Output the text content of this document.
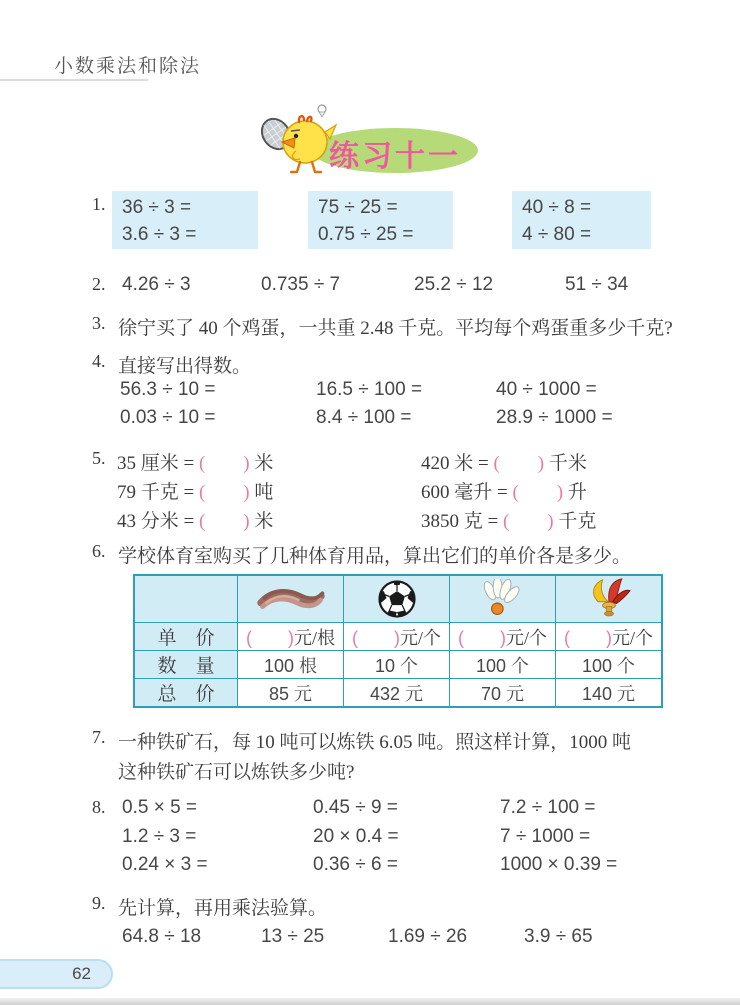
小数乘法和除法
练习十一
1. 36 ÷ 3 =
3.6 ÷ 3 =
75 ÷ 25 =
0.75 ÷ 25 =
40 ÷ 8 =
4 ÷ 80 =
2. 4.26 ÷ 3	0.735 ÷ 7	25.2 ÷ 12	51 ÷ 34
3. 徐宁买了 40 个鸡蛋，一共重 2.48 千克。平均每个鸡蛋重多少千克?
4. 直接写出得数。
56.3 ÷ 10 =	16.5 ÷ 100 =	40 ÷ 1000 =
0.03 ÷ 10 =	8.4 ÷ 100 =	28.9 ÷ 1000 =
5. 35 厘米 = (　　) 米	420 米 = (　　) 千米
79 千克 = (　　) 吨	600 毫升 = (　　) 升
43 分米 = (　　) 米	3850 克 = (　　) 千克
6. 学校体育室购买了几种体育用品，算出它们的单价各是多少。
单　价	(　　) 元/根 (　　) 元/个 (　　) 元/个 (　　) 元/个
数　量	100 根	10 个	100 个	100 个
总　价	85 元	432 元	70 元	140 元
7. 一种铁矿石，每 10 吨可以炼铁 6.05 吨。照这样计算，1000 吨
这种铁矿石可以炼铁多少吨?
8. 0.5 × 5 =	0.45 ÷ 9 =	7.2 ÷ 100 =
1.2 ÷ 3 =	20 × 0.4 =	7 ÷ 1000 =
0.24 × 3 =	0.36 ÷ 6 =	1000 × 0.39 =
9. 先计算，再用乘法验算。
64.8 ÷ 18	13 ÷ 25	1.69 ÷ 26	3.9 ÷ 65
62
